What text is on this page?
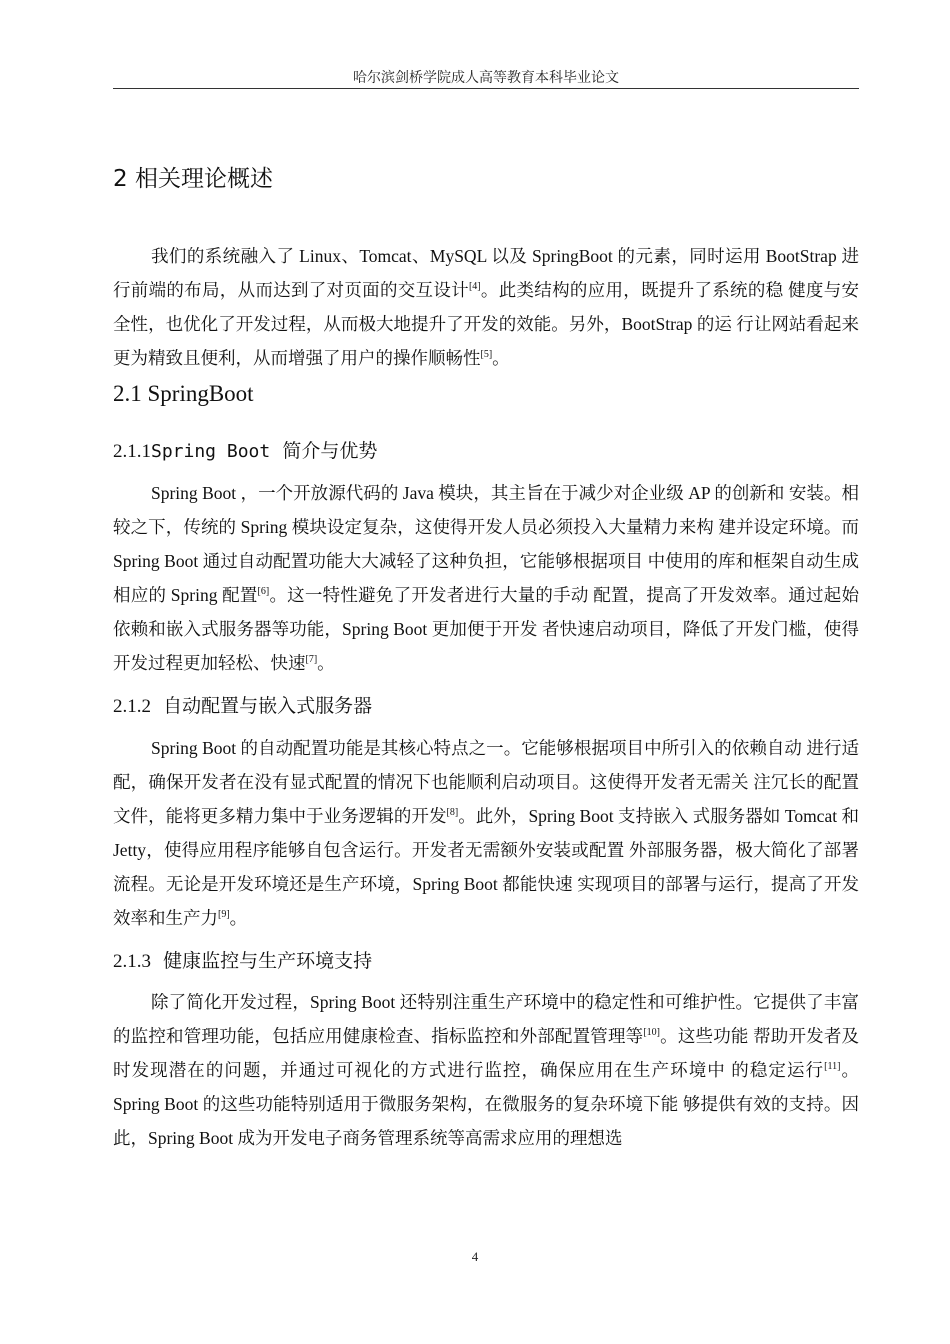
哈尔滨剑桥学院成人高等教育本科毕业论文
2 相关理论概述

我们的系统融入了 Linux、Tomcat、MySQL 以及 SpringBoot 的元素，同时运用 BootStrap 进行前端的布局，从而达到了对页面的交互设计[4]。此类结构的应用，既提升了系统的稳 健度与安全性，也优化了开发过程，从而极大地提升了开发的效能。另外，BootStrap 的运 行让网站看起来更为精致且便利，从而增强了用户的操作顺畅性[5]。

2.1 SpringBoot
2.1.1Spring Boot 简介与优势

Spring Boot ，一个开放源代码的 Java 模块，其主旨在于减少对企业级 AP 的创新和 安装。相较之下，传统的 Spring 模块设定复杂，这使得开发人员必须投入大量精力来构 建并设定环境。而 Spring Boot 通过自动配置功能大大减轻了这种负担，它能够根据项目 中使用的库和框架自动生成相应的 Spring 配置[6]。这一特性避免了开发者进行大量的手动 配置，提高了开发效率。通过起始依赖和嵌入式服务器等功能，Spring Boot 更加便于开发 者快速启动项目，降低了开发门槛，使得开发过程更加轻松、快速[7]。

2.1.2 自动配置与嵌入式服务器

Spring Boot 的自动配置功能是其核心特点之一。它能够根据项目中所引入的依赖自动 进行适配，确保开发者在没有显式配置的情况下也能顺利启动项目。这使得开发者无需关 注冗长的配置文件，能将更多精力集中于业务逻辑的开发[8]。此外，Spring Boot 支持嵌入 式服务器如 Tomcat 和 Jetty，使得应用程序能够自包含运行。开发者无需额外安装或配置 外部服务器，极大简化了部署流程。无论是开发环境还是生产环境，Spring Boot 都能快速 实现项目的部署与运行，提高了开发效率和生产力[9]。

2.1.3 健康监控与生产环境支持

除了简化开发过程，Spring Boot 还特别注重生产环境中的稳定性和可维护性。它提供了丰富的监控和管理功能，包括应用健康检查、指标监控和外部配置管理等[10]。这些功能 帮助开发者及时发现潜在的问题，并通过可视化的方式进行监控，确保应用在生产环境中 的稳定运行[11]。Spring Boot 的这些功能特别适用于微服务架构，在微服务的复杂环境下能 够提供有效的支持。因此，Spring Boot 成为开发电子商务管理系统等高需求应用的理想选

4
